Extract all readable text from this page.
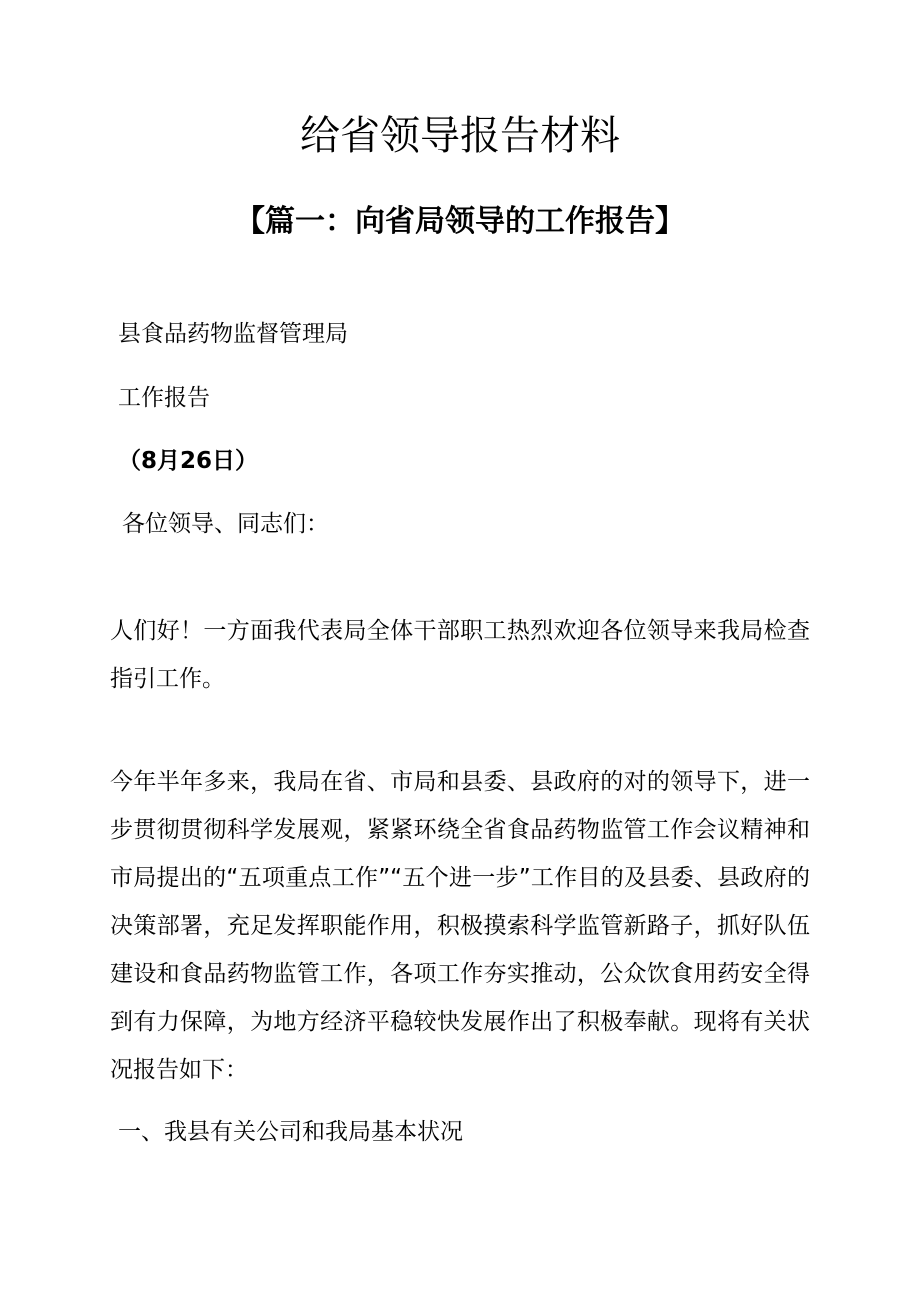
给省领导报告材料
【篇一：向省局领导的工作报告】

县食品药物监督管理局

工作报告

（8月26日）

各位领导、同志们：

人们好！一方面我代表局全体干部职工热烈欢迎各位领导来我局检查指引工作。

今年半年多来，我局在省、市局和县委、县政府的对的领导下，进一步贯彻贯彻科学发展观，紧紧环绕全省食品药物监管工作会议精神和市局提出的“五项重点工作”“五个进一步”工作目的及县委、县政府的决策部署，充足发挥职能作用，积极摸索科学监管新路子，抓好队伍建设和食品药物监管工作，各项工作夯实推动，公众饮食用药安全得到有力保障，为地方经济平稳较快发展作出了积极奉献。现将有关状况报告如下：

一、我县有关公司和我局基本状况
